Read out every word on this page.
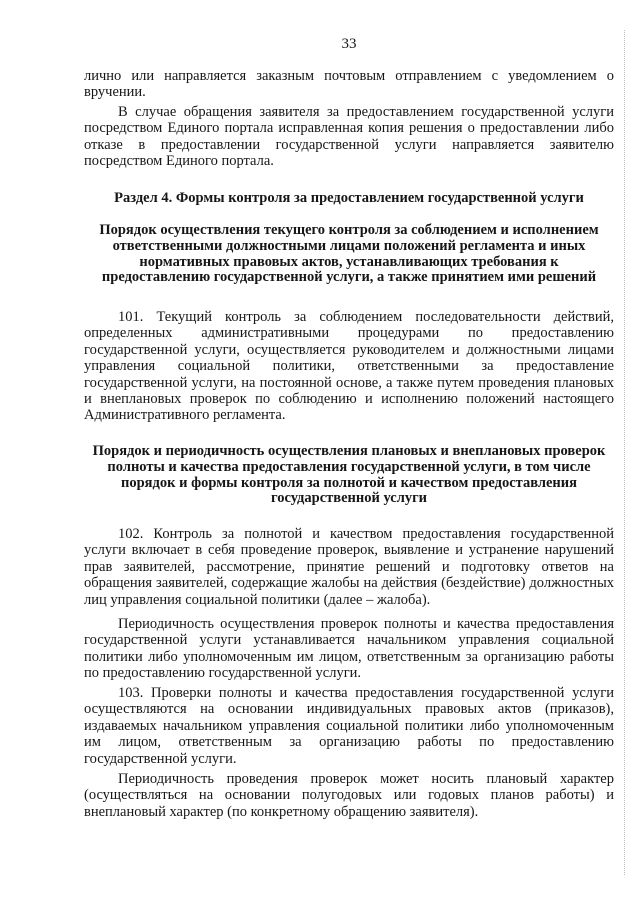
33
лично или направляется заказным почтовым отправлением с уведомлением о вручении.
В случае обращения заявителя за предоставлением государственной услуги посредством Единого портала исправленная копия решения о предоставлении либо отказе в предоставлении государственной услуги направляется заявителю посредством Единого портала.
Раздел 4. Формы контроля за предоставлением государственной услуги
Порядок осуществления текущего контроля за соблюдением и исполнением ответственными должностными лицами положений регламента и иных нормативных правовых актов, устанавливающих требования к предоставлению государственной услуги, а также принятием ими решений
101. Текущий контроль за соблюдением последовательности действий, определенных административными процедурами по предоставлению государственной услуги, осуществляется руководителем и должностными лицами управления социальной политики, ответственными за предоставление государственной услуги, на постоянной основе, а также путем проведения плановых и внеплановых проверок по соблюдению и исполнению положений настоящего Административного регламента.
Порядок и периодичность осуществления плановых и внеплановых проверок полноты и качества предоставления государственной услуги, в том числе порядок и формы контроля за полнотой и качеством предоставления государственной услуги
102. Контроль за полнотой и качеством предоставления государственной услуги включает в себя проведение проверок, выявление и устранение нарушений прав заявителей, рассмотрение, принятие решений и подготовку ответов на обращения заявителей, содержащие жалобы на действия (бездействие) должностных лиц управления социальной политики (далее – жалоба).
Периодичность осуществления проверок полноты и качества предоставления государственной услуги устанавливается начальником управления социальной политики либо уполномоченным им лицом, ответственным за организацию работы по предоставлению государственной услуги.
103. Проверки полноты и качества предоставления государственной услуги осуществляются на основании индивидуальных правовых актов (приказов), издаваемых начальником управления социальной политики либо уполномоченным им лицом, ответственным за организацию работы по предоставлению государственной услуги.
Периодичность проведения проверок может носить плановый характер (осуществляться на основании полугодовых или годовых планов работы) и внеплановый характер (по конкретному обращению заявителя).
